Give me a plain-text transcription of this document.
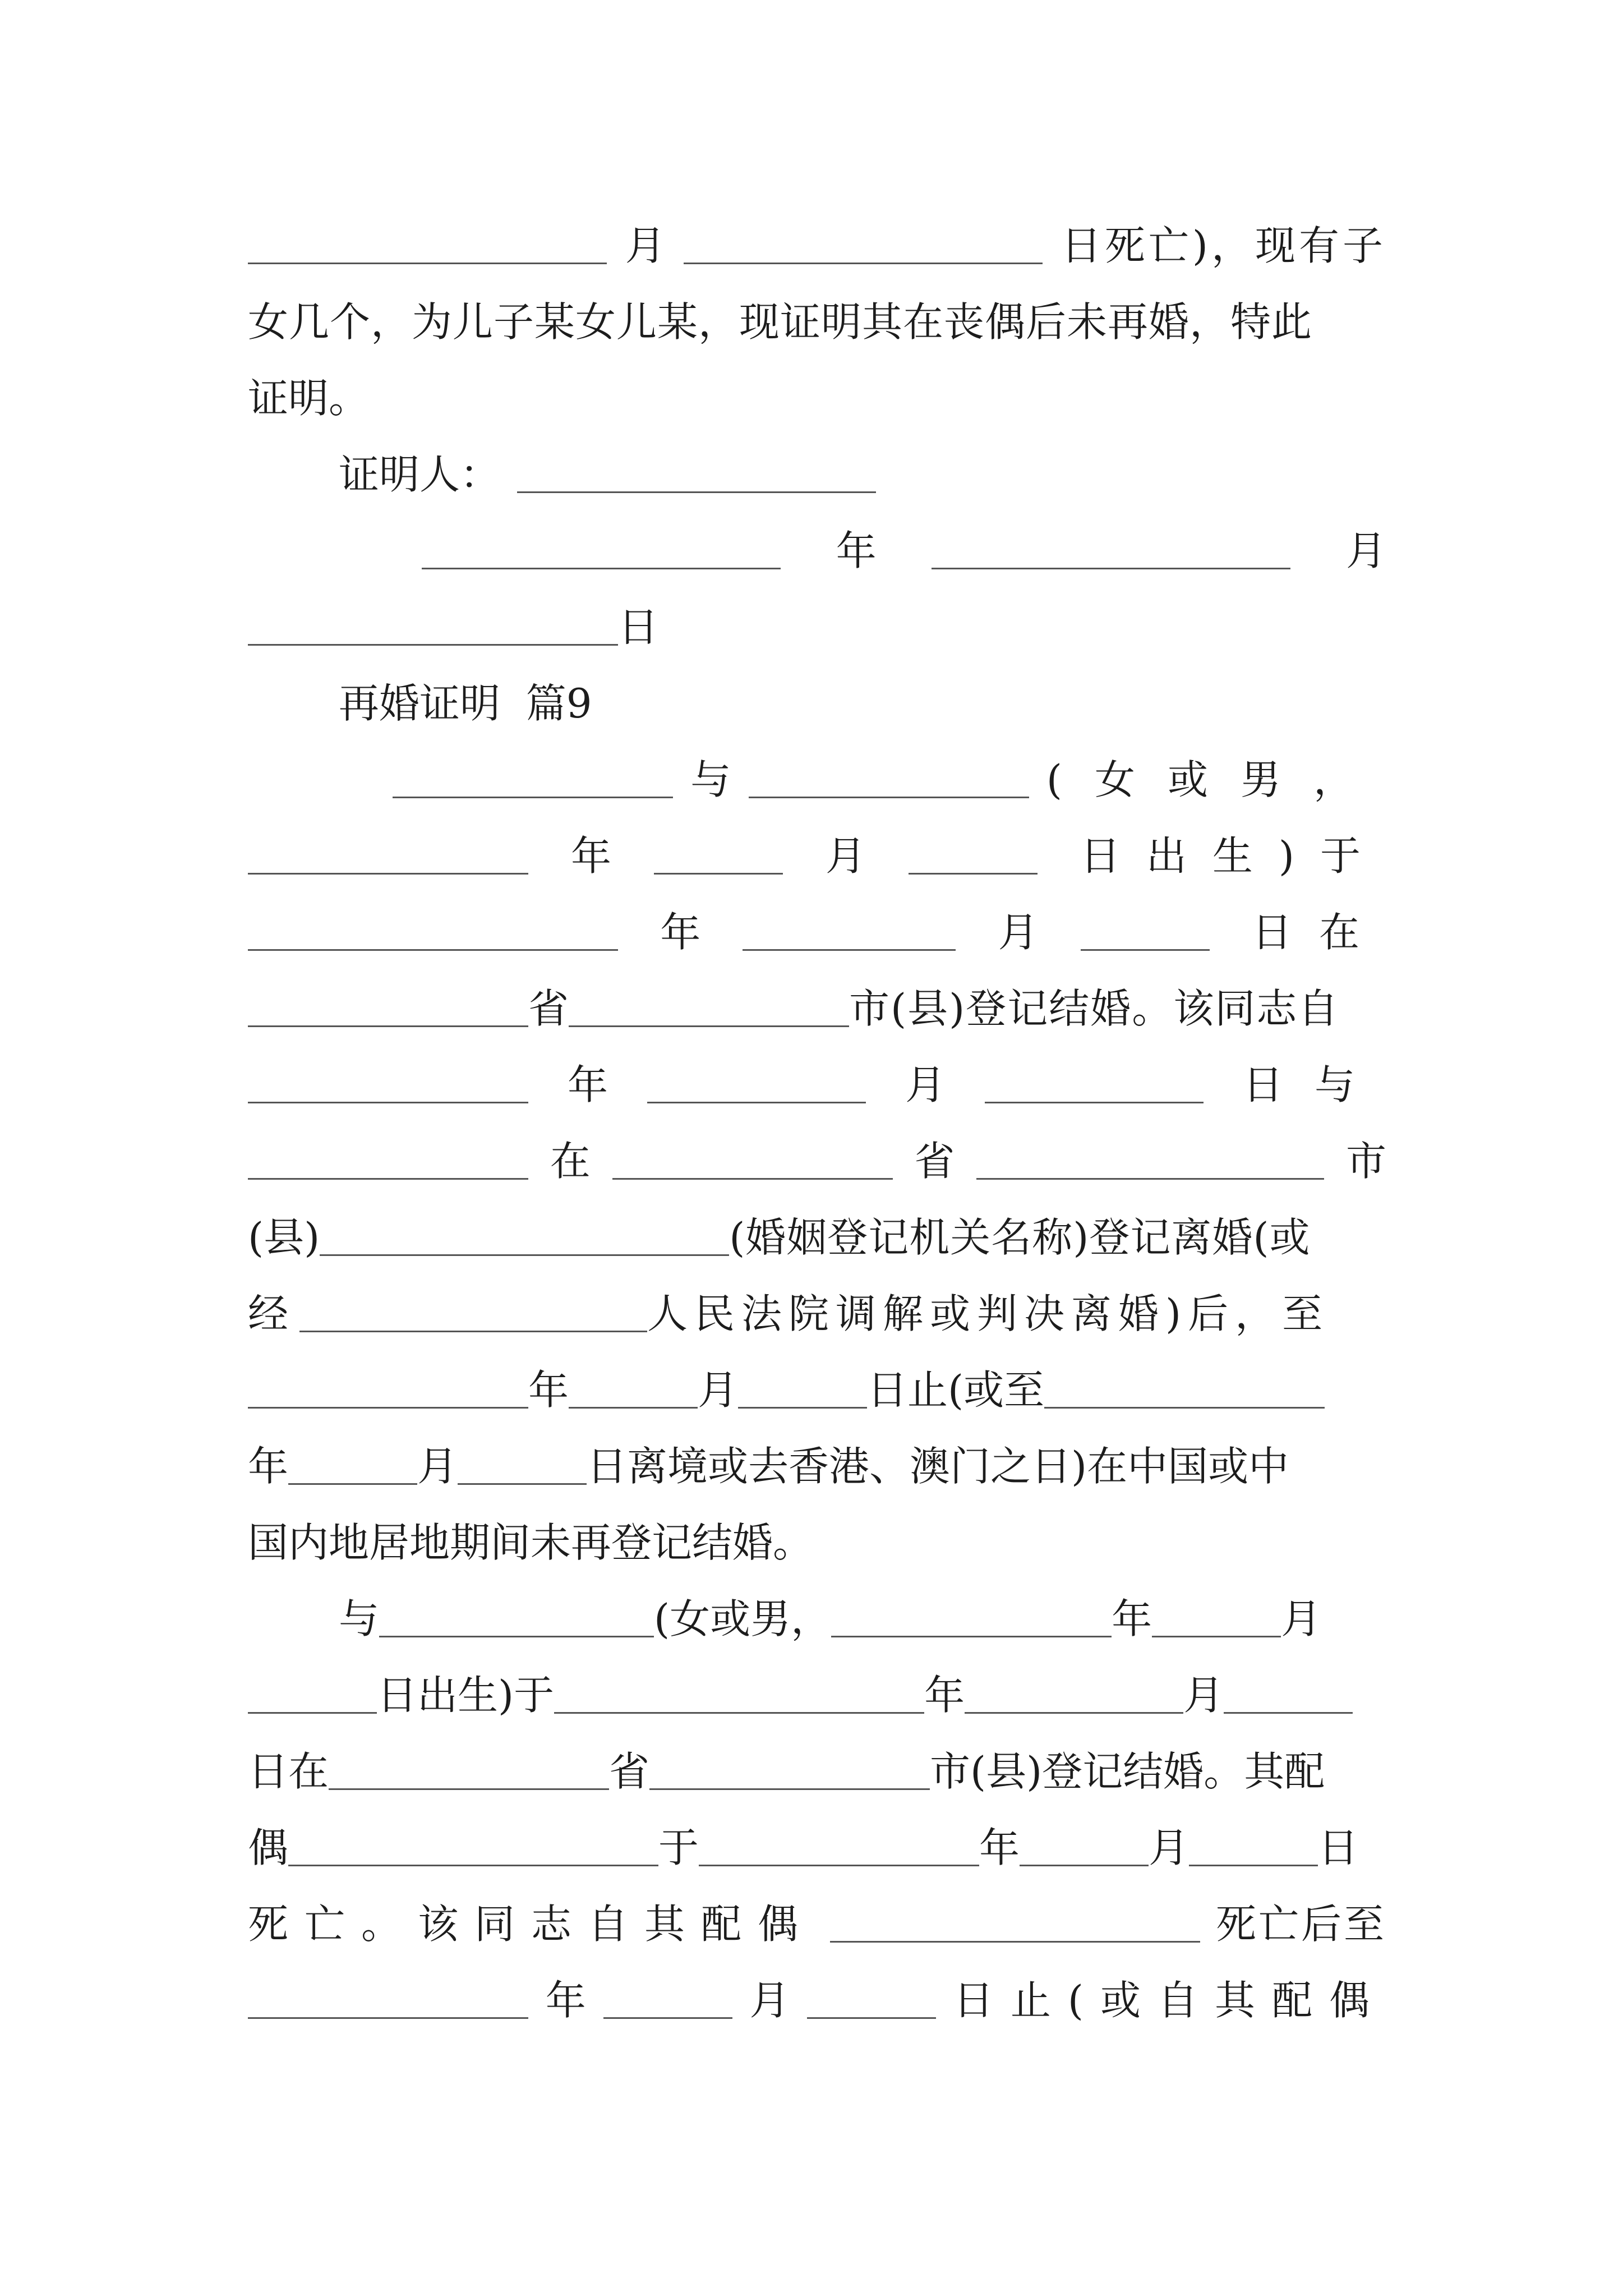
月	日死亡)，现有子
女几个，为儿子某女儿某，现证明其在丧偶后未再婚，特此
证明。
证明人：
年	月
日
再婚证明  篇9
与	(女或男，
年	月	日出生)于
年	月	日在
省	市(县)登记结婚。该同志自
年	月	日与
在	省	市
(县)	(婚姻登记机关名称)登记离婚(或
经	人民法院调解或判决离婚)后，至
年	月	日止(或至
年	月	日离境或去香港、澳门之日)在中国或中
国内地居地期间未再登记结婚。
与	(女或男，	年	月
日出生)于	年	月
日在	省	市(县)登记结婚。其配
偶	于	年	月	日
死亡。该同志自其配偶	死亡后至
年	月	日止(或自其配偶
